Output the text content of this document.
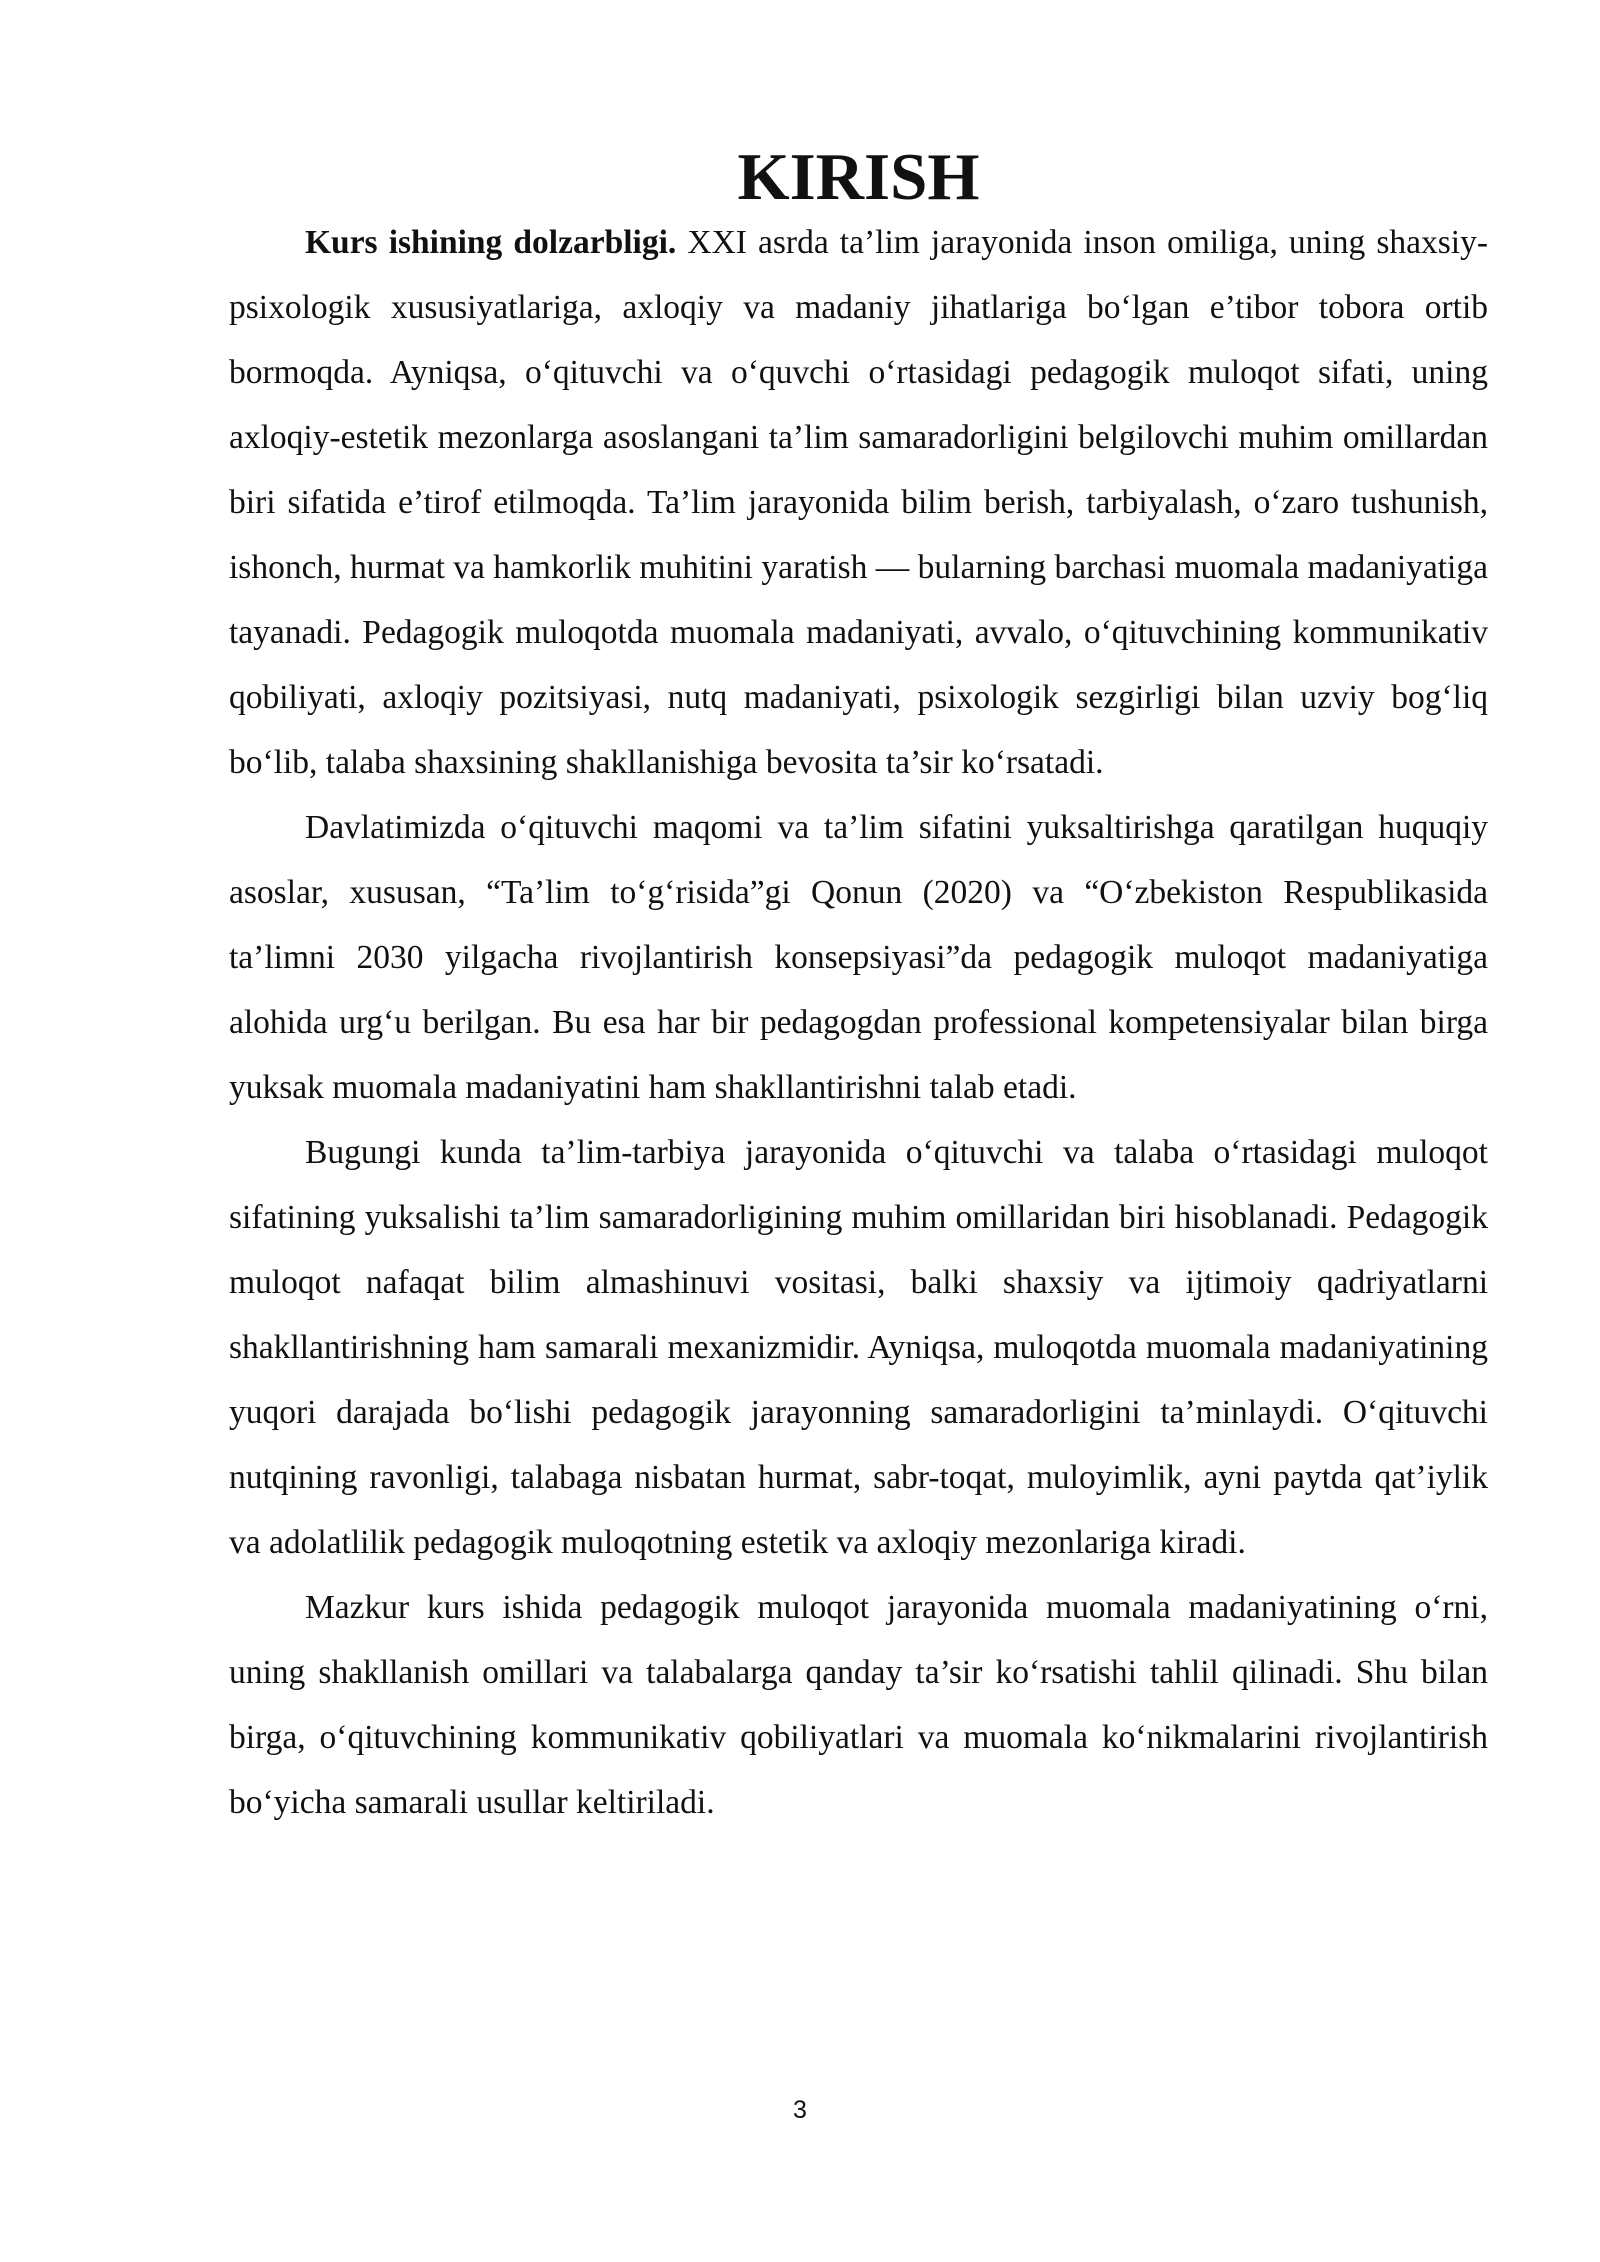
KIRISH

Kurs ishining dolzarbligi. XXI asrda ta’lim jarayonida inson omiliga, uning shaxsiy-psixologik xususiyatlariga, axloqiy va madaniy jihatlariga bo‘lgan e’tibor tobora ortib bormoqda. Ayniqsa, o‘qituvchi va o‘quvchi o‘rtasidagi pedagogik muloqot sifati, uning axloqiy-estetik mezonlarga asoslangani ta’lim samaradorligini belgilovchi muhim omillardan biri sifatida e’tirof etilmoqda. Ta’lim jarayonida bilim berish, tarbiyalash, o‘zaro tushunish, ishonch, hurmat va hamkorlik muhitini yaratish — bularning barchasi muomala madaniyatiga tayanadi. Pedagogik muloqotda muomala madaniyati, avvalo, o‘qituvchining kommunikativ qobiliyati, axloqiy pozitsiyasi, nutq madaniyati, psixologik sezgirligi bilan uzviy bog‘liq bo‘lib, talaba shaxsining shakllanishiga bevosita ta’sir ko‘rsatadi.

Davlatimizda o‘qituvchi maqomi va ta’lim sifatini yuksaltirishga qaratilgan huquqiy asoslar, xususan, “Ta’lim to‘g‘risida”gi Qonun (2020) va “O‘zbekiston Respublikasida ta’limni 2030 yilgacha rivojlantirish konsepsiyasi”da pedagogik muloqot madaniyatiga alohida urg‘u berilgan. Bu esa har bir pedagogdan professional kompetensiyalar bilan birga yuksak muomala madaniyatini ham shakllantirishni talab etadi.

Bugungi kunda ta’lim-tarbiya jarayonida o‘qituvchi va talaba o‘rtasidagi muloqot sifatining yuksalishi ta’lim samaradorligining muhim omillaridan biri hisoblanadi. Pedagogik muloqot nafaqat bilim almashinuvi vositasi, balki shaxsiy va ijtimoiy qadriyatlarni shakllantirishning ham samarali mexanizmidir. Ayniqsa, muloqotda muomala madaniyatining yuqori darajada bo‘lishi pedagogik jarayonning samaradorligini ta’minlaydi. O‘qituvchi nutqining ravonligi, talabaga nisbatan hurmat, sabr-toqat, muloyimlik, ayni paytda qat’iylik va adolatlilik pedagogik muloqotning estetik va axloqiy mezonlariga kiradi.

Mazkur kurs ishida pedagogik muloqot jarayonida muomala madaniyatining o‘rni, uning shakllanish omillari va talabalarga qanday ta’sir ko‘rsatishi tahlil qilinadi. Shu bilan birga, o‘qituvchining kommunikativ qobiliyatlari va muomala ko‘nikmalarini rivojlantirish bo‘yicha samarali usullar keltiriladi.

3
